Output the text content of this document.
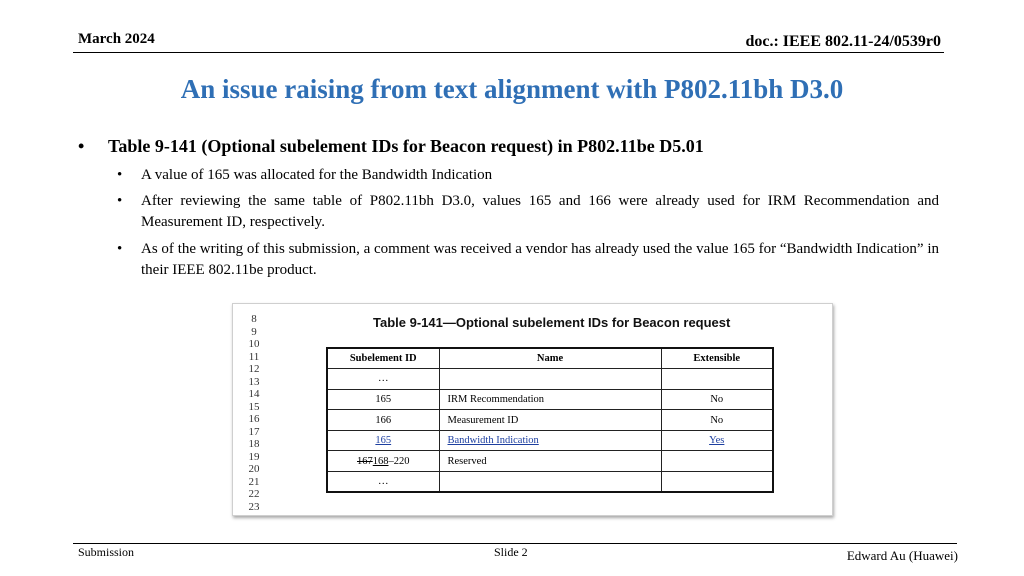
March 2024	doc.: IEEE 802.11-24/0539r0
An issue raising from text alignment with P802.11bh D3.0
• Table 9-141 (Optional subelement IDs for Beacon request) in P802.11be D5.01
• A value of 165 was allocated for the Bandwidth Indication
• After reviewing the same table of P802.11bh D3.0, values 165 and 166 were already used for IRM Recommendation and Measurement ID, respectively.
• As of the writing of this submission, a comment was received a vendor has already used the value 165 for “Bandwidth Indication” in their IEEE 802.11be product.
8
9
10
11
12
13
14
15
16
17
18
19
20
21
22
23
Table 9-141—Optional subelement IDs for Beacon request
Subelement ID	Name	Extensible
…		
165	IRM Recommendation	No
166	Measurement ID	No
165	Bandwidth Indication	Yes
167168–220	Reserved	
…		
Submission	Slide 2	Edward Au (Huawei)
